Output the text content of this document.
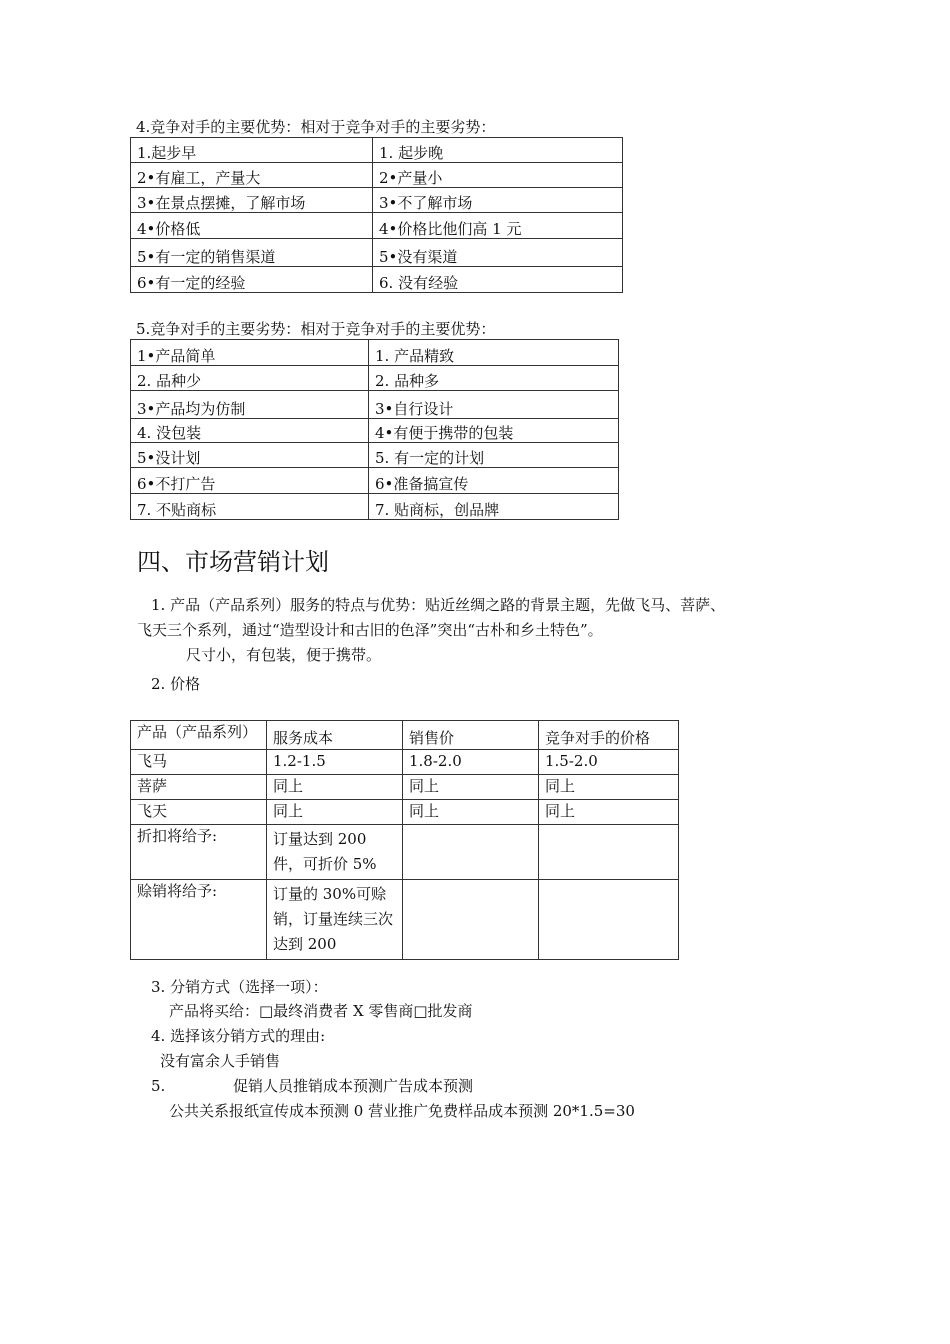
4.竞争对手的主要优势：相对于竞争对手的主要劣势：
1.起步早	1. 起步晚
2•有雇工，产量大	2•产量小
3•在景点摆摊，了解市场	3•不了解市场
4•价格低	4•价格比他们高 1 元
5•有一定的销售渠道	5•没有渠道
6•有一定的经验	6. 没有经验
5.竞争对手的主要劣势：相对于竞争对手的主要优势：
1•产品简单	1. 产品精致
2. 品种少	2. 品种多
3•产品均为仿制	3•自行设计
4. 没包装	4•有便于携带的包装
5•没计划	5. 有一定的计划
6•不打广告	6•准备搞宣传
7. 不贴商标	7. 贴商标，创品牌
四、市场营销计划
1. 产品（产品系列）服务的特点与优势：贴近丝绸之路的背景主题，先做飞马、菩萨、
飞天三个系列，通过“造型设计和古旧的色泽”突出“古朴和乡土特色”。
尺寸小，有包装，便于携带。
2. 价格
产品（产品系列）	服务成本	销售价	竞争对手的价格
飞马	1.2-1.5	1.8-2.0	1.5-2.0
菩萨	同上	同上	同上
飞天	同上	同上	同上
折扣将给予:	订量达到 200 件，可折价 5%		
赊销将给予:	订量的 30%可赊销，订量连续三次达到 200		
3. 分销方式（选择一项）：
产品将买给：□最终消费者 X 零售商□批发商
4. 选择该分销方式的理由:
没有富余人手销售
5.	促销人员推销成本预测广告成本预测
公共关系报纸宣传成本预测 0 营业推广免费样品成本预测 20*1.5=30
